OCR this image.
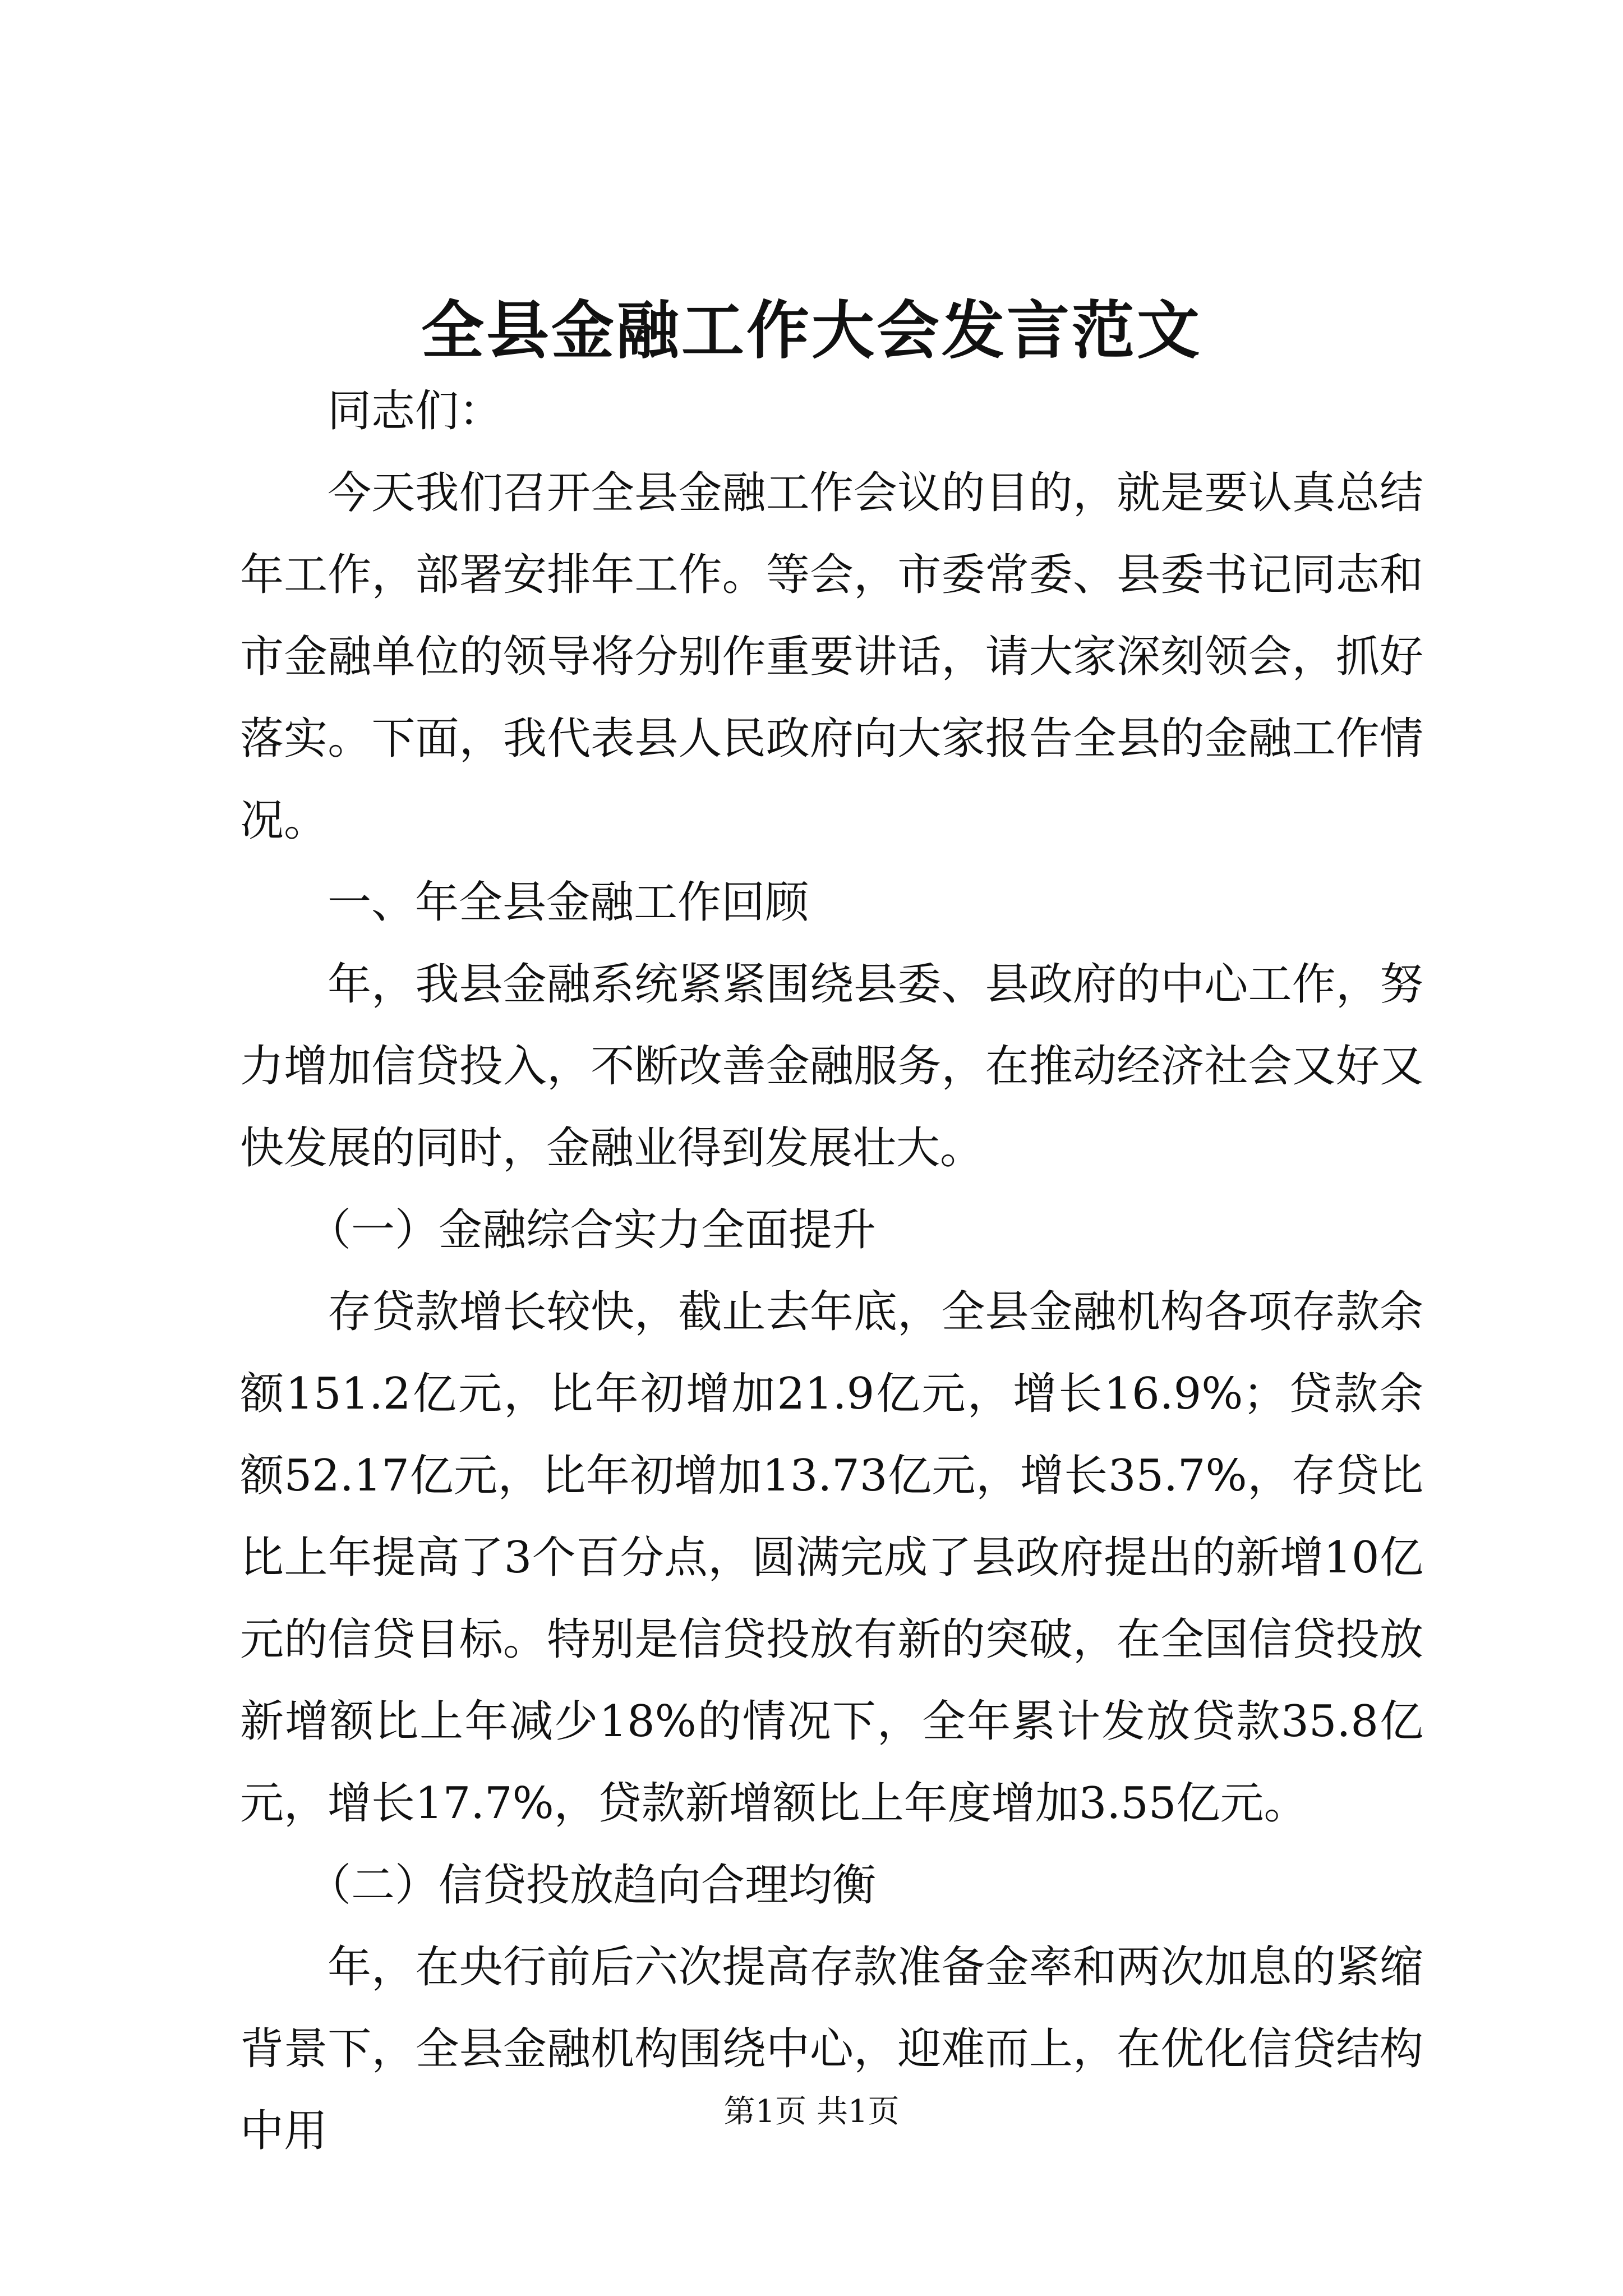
全县金融工作大会发言范文

同志们：

今天我们召开全县金融工作会议的目的，就是要认真总结年工作，部署安排年工作。等会，市委常委、县委书记同志和市金融单位的领导将分别作重要讲话，请大家深刻领会，抓好落实。下面，我代表县人民政府向大家报告全县的金融工作情况。

一、年全县金融工作回顾

年，我县金融系统紧紧围绕县委、县政府的中心工作，努力增加信贷投入，不断改善金融服务，在推动经济社会又好又快发展的同时，金融业得到发展壮大。

（一）金融综合实力全面提升

存贷款增长较快，截止去年底，全县金融机构各项存款余额151.2亿元，比年初增加21.9亿元，增长16.9%；贷款余额52.17亿元，比年初增加13.73亿元，增长35.7%，存贷比比上年提高了3个百分点，圆满完成了县政府提出的新增10亿元的信贷目标。特别是信贷投放有新的突破，在全国信贷投放新增额比上年减少18%的情况下，全年累计发放贷款35.8亿元，增长17.7%，贷款新增额比上年度增加3.55亿元。

（二）信贷投放趋向合理均衡

年，在央行前后六次提高存款准备金率和两次加息的紧缩背景下，全县金融机构围绕中心，迎难而上，在优化信贷结构中用	第1页 共1页
